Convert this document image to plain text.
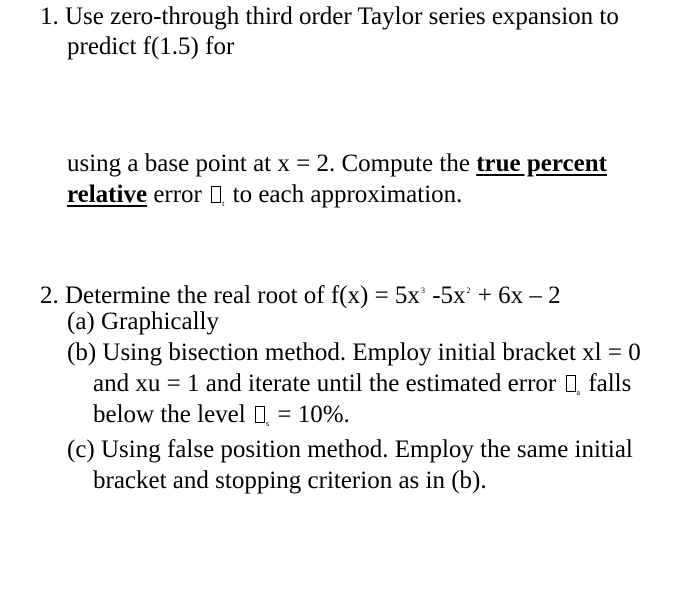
1. Use zero-through third order Taylor series expansion to
predict f(1.5) for
using a base point at x = 2. Compute the true percent
relative error $_t$ to each approximation.
2. Determine the real root of $f(x) = 5x^3$ $-5x^2 + 6x - 2$
(a) Graphically
(b) Using bisection method. Employ initial bracket xl = 0
and xu = 1 and iterate until the estimated error $_a$ falls
below the level $_s$ = 10%.
(c) Using false position method. Employ the same initial
bracket and stopping criterion as in (b).
